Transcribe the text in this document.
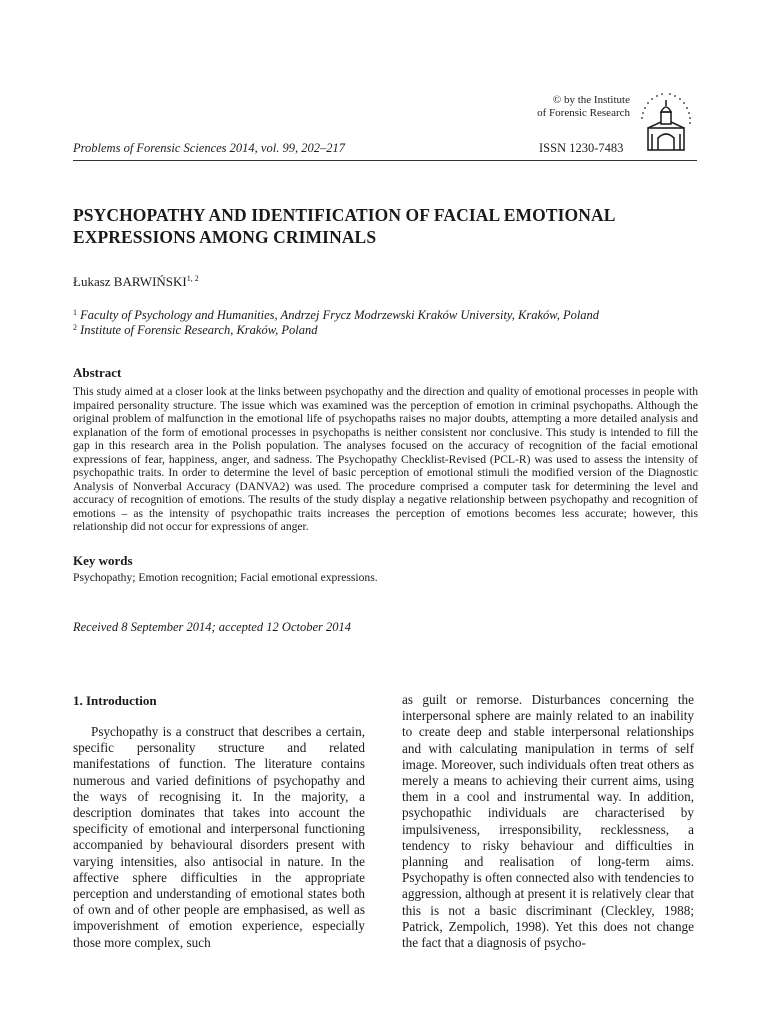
© by the Institute
of Forensic Research
Problems of Forensic Sciences 2014, vol. 99, 202–217	ISSN 1230-7483
PSYCHOPATHY AND IDENTIFICATION OF FACIAL EMOTIONAL EXPRESSIONS AMONG CRIMINALS
Łukasz BARWIŃSKI$^{1, 2}$
$^1$ Faculty of Psychology and Humanities, Andrzej Frycz Modrzewski Kraków University, Kraków, Poland
$^2$ Institute of Forensic Research, Kraków, Poland
Abstract

This study aimed at a closer look at the links between psychopathy and the direction and quality of emotional processes in people with impaired personality structure. The issue which was examined was the perception of emotion in criminal psychopaths. Although the original problem of malfunction in the emotional life of psychopaths raises no major doubts, attempting a more detailed analysis and explanation of the form of emotional processes in psychopaths is neither consistent nor conclusive. This study is intended to fill the gap in this research area in the Polish population. The analyses focused on the accuracy of recognition of the facial emotional expressions of fear, happiness, anger, and sadness. The Psychopathy Checklist-Revised (PCL-R) was used to assess the intensity of psychopathic traits. In order to determine the level of basic perception of emotional stimuli the modified version of the Diagnostic Analysis of Nonverbal Accuracy (DANVA2) was used. The procedure comprised a computer task for determining the level and accuracy of recognition of emotions. The results of the study display a negative relationship between psychopathy and recognition of emotions – as the intensity of psychopathic traits increases the perception of emotions becomes less accurate; however, this relationship did not occur for expressions of anger.

Key words
Psychopathy; Emotion recognition; Facial emotional expressions.
Received 8 September 2014; accepted 12 October 2014
1. Introduction

Psychopathy is a construct that describes a certain, specific personality structure and related manifestations of function. The literature contains numerous and varied definitions of psychopathy and the ways of recognising it. In the majority, a description dominates that takes into account the specificity of emotional and interpersonal functioning accompanied by behavioural disorders present with varying intensities, also antisocial in nature. In the affective sphere difficulties in the appropriate perception and understanding of emotional states both of own and of other people are emphasised, as well as impoverishment of emotion experience, especially those more complex, such

as guilt or remorse. Disturbances concerning the interpersonal sphere are mainly related to an inability to create deep and stable interpersonal relationships and with calculating manipulation in terms of self image. Moreover, such individuals often treat others as merely a means to achieving their current aims, using them in a cool and instrumental way. In addition, psychopathic individuals are characterised by impulsiveness, irresponsibility, recklessness, a tendency to risky behaviour and difficulties in planning and realisation of long-term aims. Psychopathy is often connected also with tendencies to aggression, although at present it is relatively clear that this is not a basic discriminant (Cleckley, 1988; Patrick, Zempolich, 1998). Yet this does not change the fact that a diagnosis of psycho-
